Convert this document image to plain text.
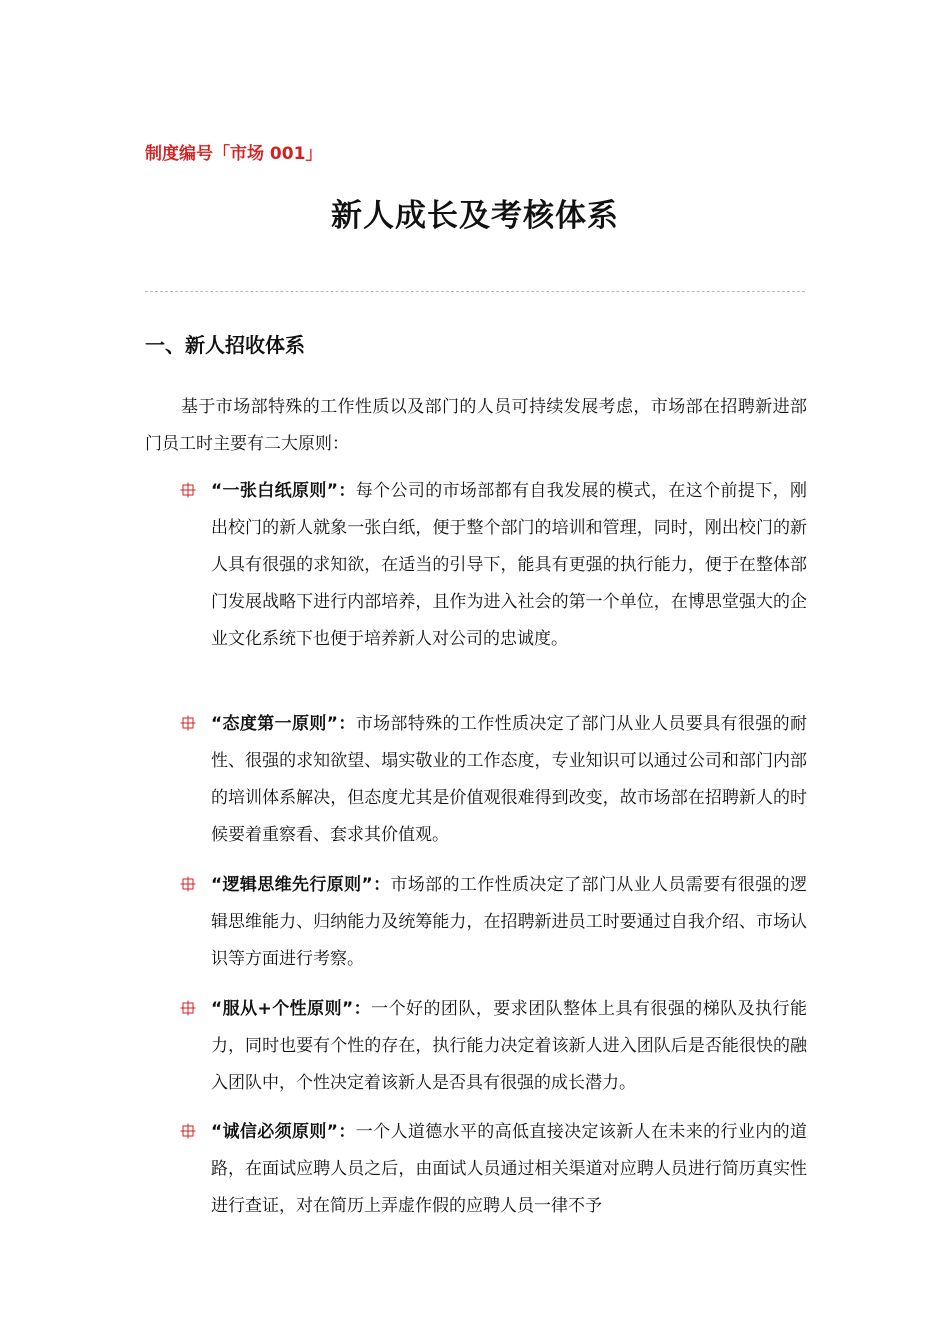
制度编号「市场 001」
新人成长及考核体系
一、新人招收体系

基于市场部特殊的工作性质以及部门的人员可持续发展考虑，市场部在招聘新进部门员工时主要有二大原则：

“一张白纸原则”：每个公司的市场部都有自我发展的模式，在这个前提下，刚出校门的新人就象一张白纸，便于整个部门的培训和管理，同时，刚出校门的新人具有很强的求知欲，在适当的引导下，能具有更强的执行能力，便于在整体部门发展战略下进行内部培养，且作为进入社会的第一个单位，在博思堂强大的企业文化系统下也便于培养新人对公司的忠诚度。

“态度第一原则”：市场部特殊的工作性质决定了部门从业人员要具有很强的耐性、很强的求知欲望、塌实敬业的工作态度，专业知识可以通过公司和部门内部的培训体系解决，但态度尤其是价值观很难得到改变，故市场部在招聘新人的时候要着重察看、套求其价值观。

“逻辑思维先行原则”：市场部的工作性质决定了部门从业人员需要有很强的逻辑思维能力、归纳能力及统筹能力，在招聘新进员工时要通过自我介绍、市场认识等方面进行考察。

“服从+个性原则”：一个好的团队，要求团队整体上具有很强的梯队及执行能力，同时也要有个性的存在，执行能力决定着该新人进入团队后是否能很快的融入团队中，个性决定着该新人是否具有很强的成长潜力。

“诚信必须原则”：一个人道德水平的高低直接决定该新人在未来的行业内的道路，在面试应聘人员之后，由面试人员通过相关渠道对应聘人员进行简历真实性进行查证，对在简历上弄虚作假的应聘人员一律不予
